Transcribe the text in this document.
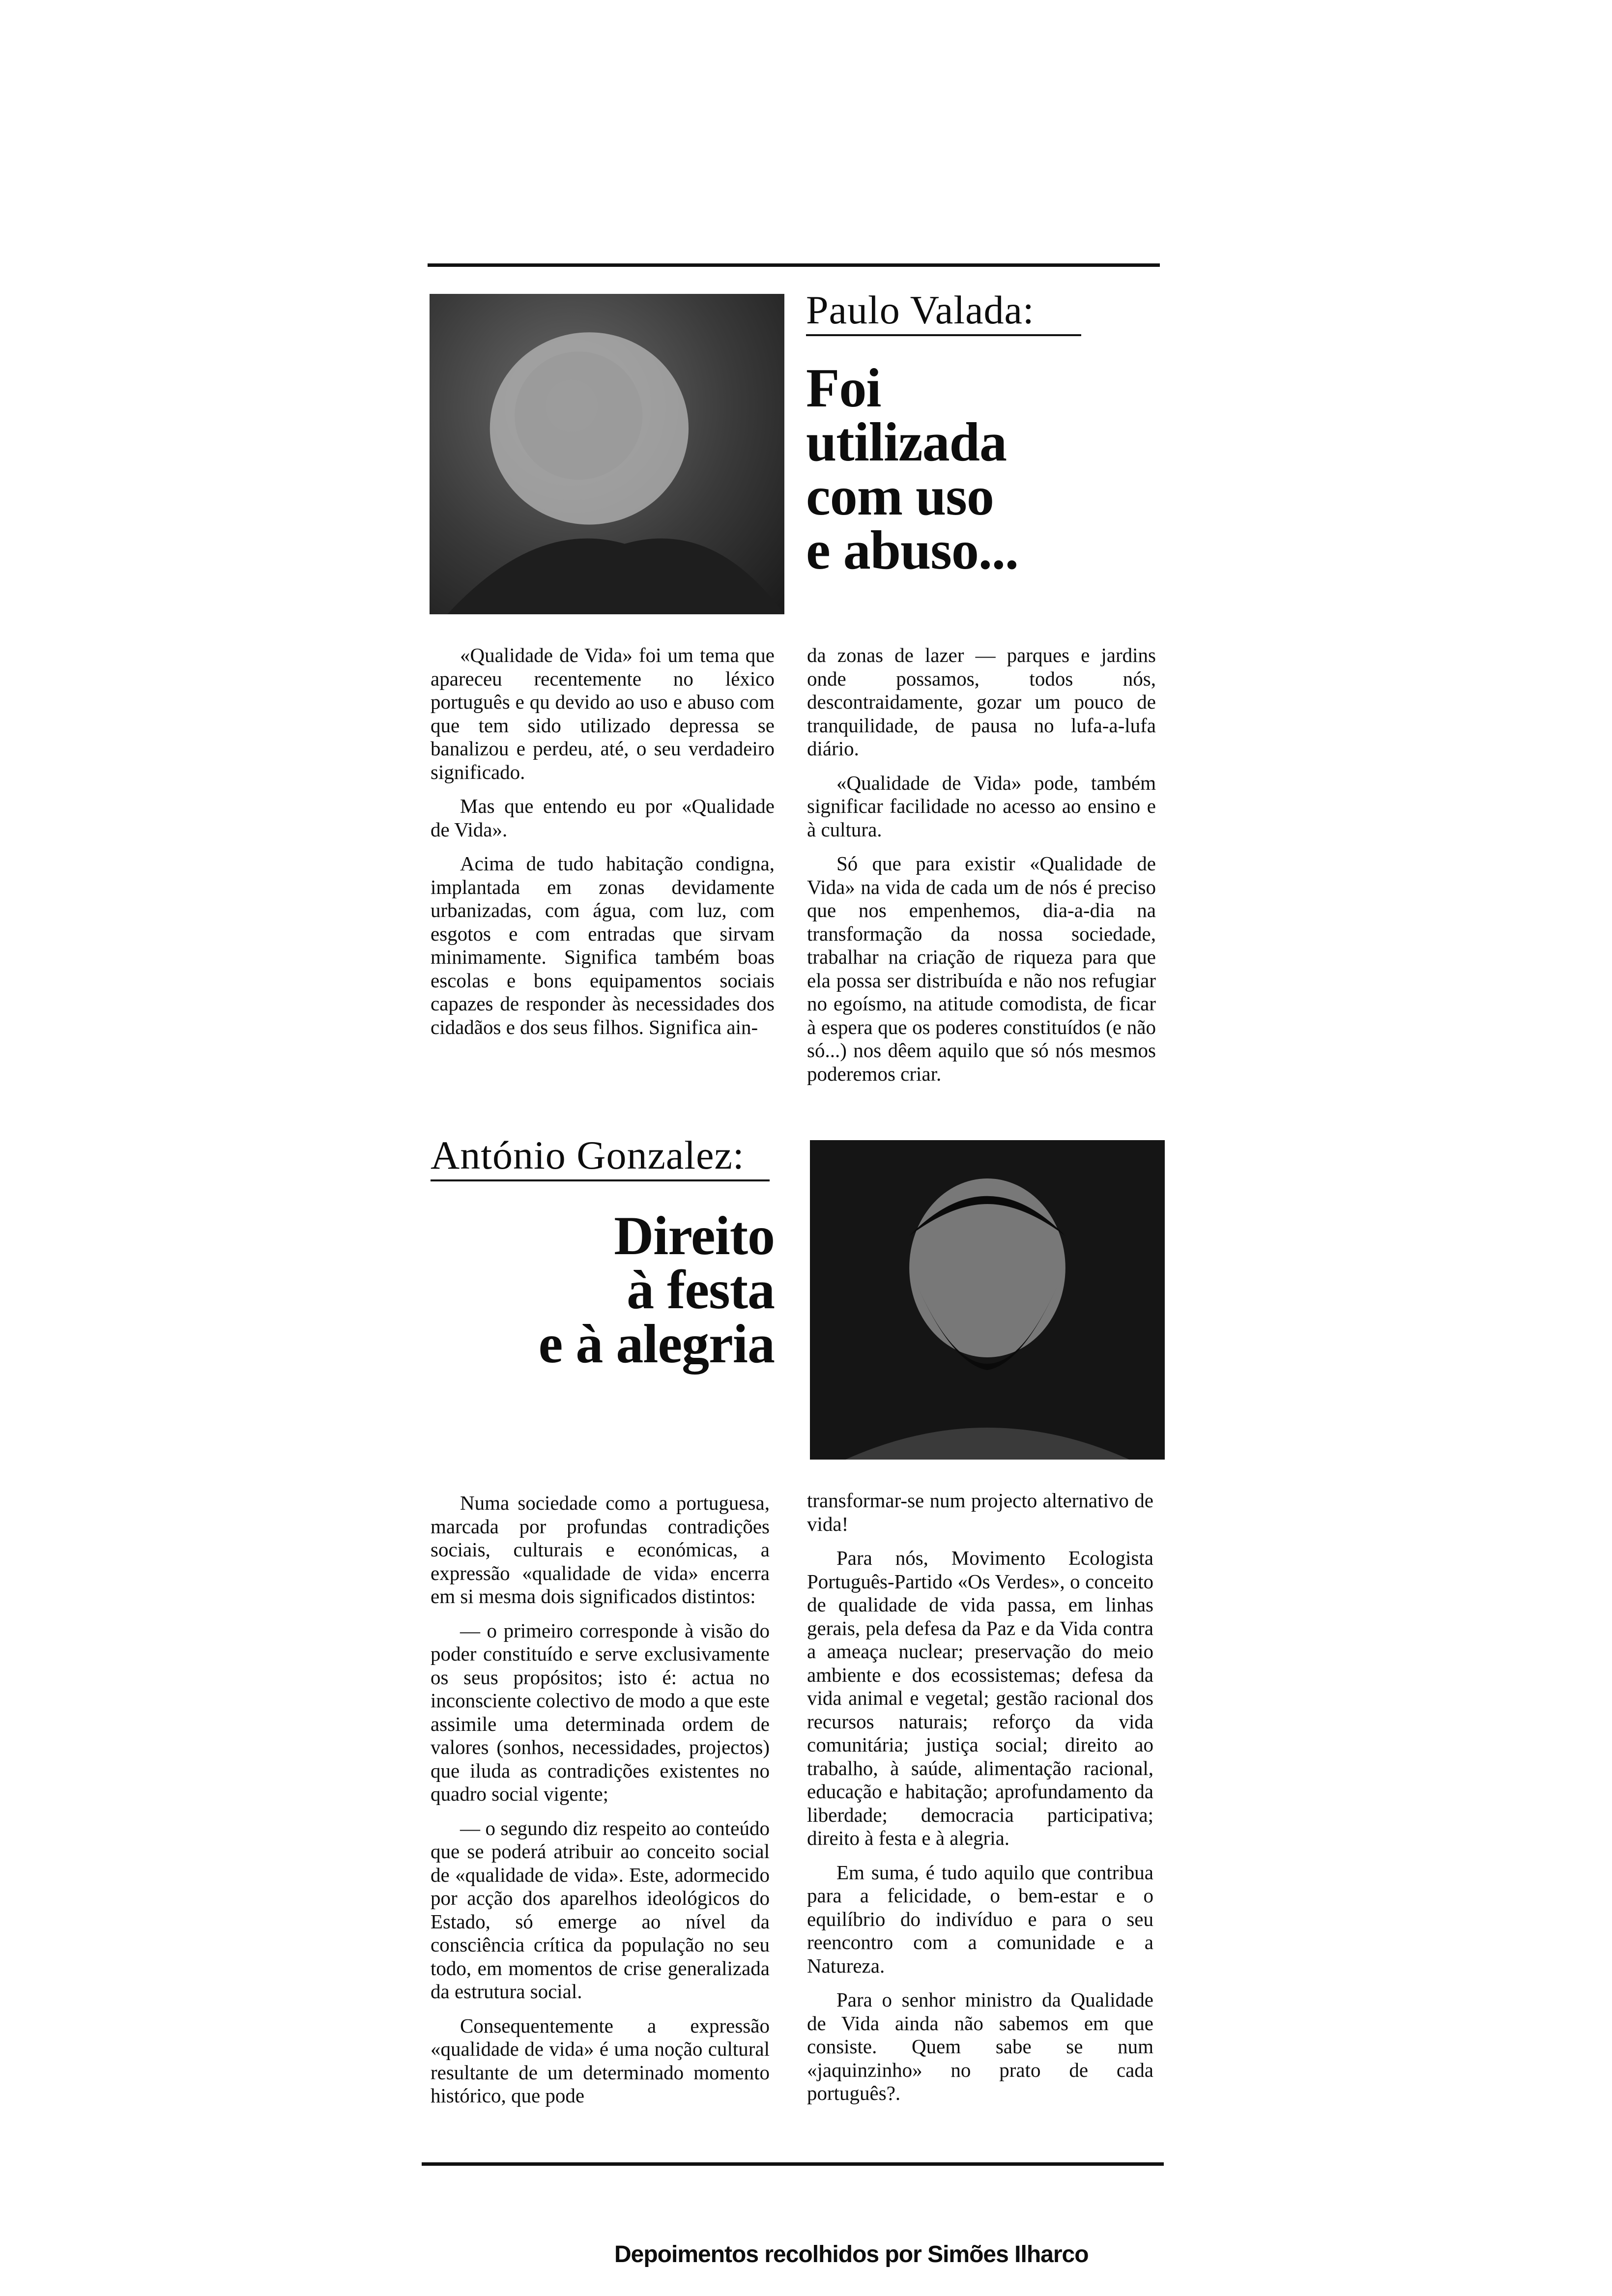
Paulo Valada:
Foi
utilizada
com uso
e abuso...

«Qualidade de Vida» foi um tema que apareceu recentemente no léxico português e qu devido ao uso e abuso com que tem sido utilizado depressa se banalizou e perdeu, até, o seu verdadeiro significado.

Mas que entendo eu por «Qualidade de Vida».

Acima de tudo habitação condigna, implantada em zonas devidamente urbanizadas, com água, com luz, com esgotos e com entradas que sirvam minimamente. Significa também boas escolas e bons equipamentos sociais capazes de responder às necessidades dos cidadãos e dos seus filhos. Significa ain-

da zonas de lazer — parques e jardins onde possamos, todos nós, descontraidamente, gozar um pouco de tranquilidade, de pausa no lufa-a-lufa diário.

«Qualidade de Vida» pode, também significar facilidade no acesso ao ensino e à cultura.

Só que para existir «Qualidade de Vida» na vida de cada um de nós é preciso que nos empenhemos, dia-a-dia na transformação da nossa sociedade, trabalhar na criação de riqueza para que ela possa ser distribuída e não nos refugiar no egoísmo, na atitude comodista, de ficar à espera que os poderes constituídos (e não só...) nos dêem aquilo que só nós mesmos poderemos criar.

António Gonzalez:
Direito
à festa
e à alegria

Numa sociedade como a portuguesa, marcada por profundas contradições sociais, culturais e económicas, a expressão «qualidade de vida» encerra em si mesma dois significados distintos:

— o primeiro corresponde à visão do poder constituído e serve exclusivamente os seus propósitos; isto é: actua no inconsciente colectivo de modo a que este assimile uma determinada ordem de valores (sonhos, necessidades, projectos) que iluda as contradições existentes no quadro social vigente;

— o segundo diz respeito ao conteúdo que se poderá atribuir ao conceito social de «qualidade de vida». Este, adormecido por acção dos aparelhos ideológicos do Estado, só emerge ao nível da consciência crítica da população no seu todo, em momentos de crise generalizada da estrutura social.

Consequentemente a expressão «qualidade de vida» é uma noção cultural resultante de um determinado momento histórico, que pode

transformar-se num projecto alternativo de vida!

Para nós, Movimento Ecologista Português-Partido «Os Verdes», o conceito de qualidade de vida passa, em linhas gerais, pela defesa da Paz e da Vida contra a ameaça nuclear; preservação do meio ambiente e dos ecossistemas; defesa da vida animal e vegetal; gestão racional dos recursos naturais; reforço da vida comunitária; justiça social; direito ao trabalho, à saúde, alimentação racional, educação e habitação; aprofundamento da liberdade; democracia participativa; direito à festa e à alegria.

Em suma, é tudo aquilo que contribua para a felicidade, o bem-estar e o equilíbrio do indivíduo e para o seu reencontro com a comunidade e a Natureza.

Para o senhor ministro da Qualidade de Vida ainda não sabemos em que consiste. Quem sabe se num «jaquinzinho» no prato de cada português?.

Depoimentos recolhidos por Simões Ilharco
